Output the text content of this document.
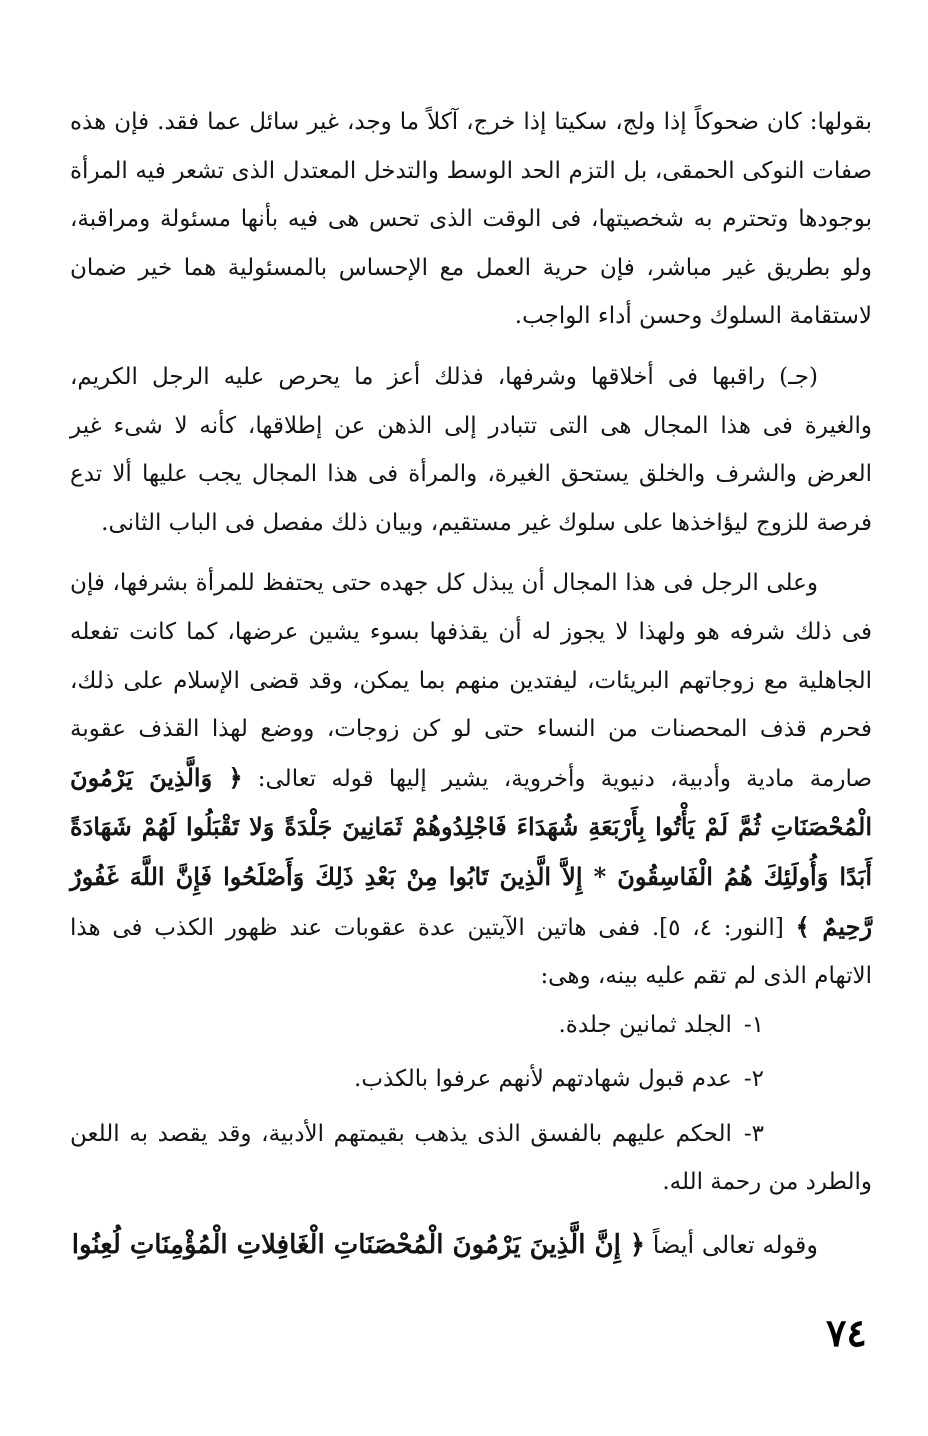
بقولها: كان ضحوكاً إذا ولج، سكيتا إذا خرج، آكلاً ما وجد، غير سائل عما فقد. فإن هذه صفات النوكى الحمقى، بل التزم الحد الوسط والتدخل المعتدل الذى تشعر فيه المرأة بوجودها وتحترم به شخصيتها، فى الوقت الذى تحس هى فيه بأنها مسئولة ومراقبة، ولو بطريق غير مباشر، فإن حرية العمل مع الإحساس بالمسئولية هما خير ضمان لاستقامة السلوك وحسن أداء الواجب.

(جـ) راقبها فى أخلاقها وشرفها، فذلك أعز ما يحرص عليه الرجل الكريم، والغيرة فى هذا المجال هى التى تتبادر إلى الذهن عن إطلاقها، كأنه لا شىء غير العرض والشرف والخلق يستحق الغيرة، والمرأة فى هذا المجال يجب عليها ألا تدع فرصة للزوج ليؤاخذها على سلوك غير مستقيم، وبيان ذلك مفصل فى الباب الثانى.

وعلى الرجل فى هذا المجال أن يبذل كل جهده حتى يحتفظ للمرأة بشرفها، فإن فى ذلك شرفه هو ولهذا لا يجوز له أن يقذفها بسوء يشين عرضها، كما كانت تفعله الجاهلية مع زوجاتهم البريئات، ليفتدين منهم بما يمكن، وقد قضى الإسلام على ذلك، فحرم قذف المحصنات من النساء حتى لو كن زوجات، ووضع لهذا القذف عقوبة صارمة مادية وأدبية، دنيوية وأخروية، يشير إليها قوله تعالى: ﴿ وَالَّذِينَ يَرْمُونَ الْمُحْصَنَاتِ ثُمَّ لَمْ يَأْتُوا بِأَرْبَعَةِ شُهَدَاءَ فَاجْلِدُوهُمْ ثَمَانِينَ جَلْدَةً وَلا تَقْبَلُوا لَهُمْ شَهَادَةً أَبَدًا وَأُولَئِكَ هُمُ الْفَاسِقُونَ * إِلاَّ الَّذِينَ تَابُوا مِنْ بَعْدِ ذَلِكَ وَأَصْلَحُوا فَإِنَّ اللَّهَ غَفُورٌ رَّحِيمٌ ﴾ [النور: ٤، ٥]. ففى هاتين الآيتين عدة عقوبات عند ظهور الكذب فى هذا الاتهام الذى لم تقم عليه بينه، وهى:

١-الجلد ثمانين جلدة.

٢-عدم قبول شهادتهم لأنهم عرفوا بالكذب.

٣-الحكم عليهم بالفسق الذى يذهب بقيمتهم الأدبية، وقد يقصد به اللعن والطرد من رحمة الله.

وقوله تعالى أيضاً ﴿ إِنَّ الَّذِينَ يَرْمُونَ الْمُحْصَنَاتِ الْغَافِلاتِ الْمُؤْمِنَاتِ لُعِنُوا

٧٤
